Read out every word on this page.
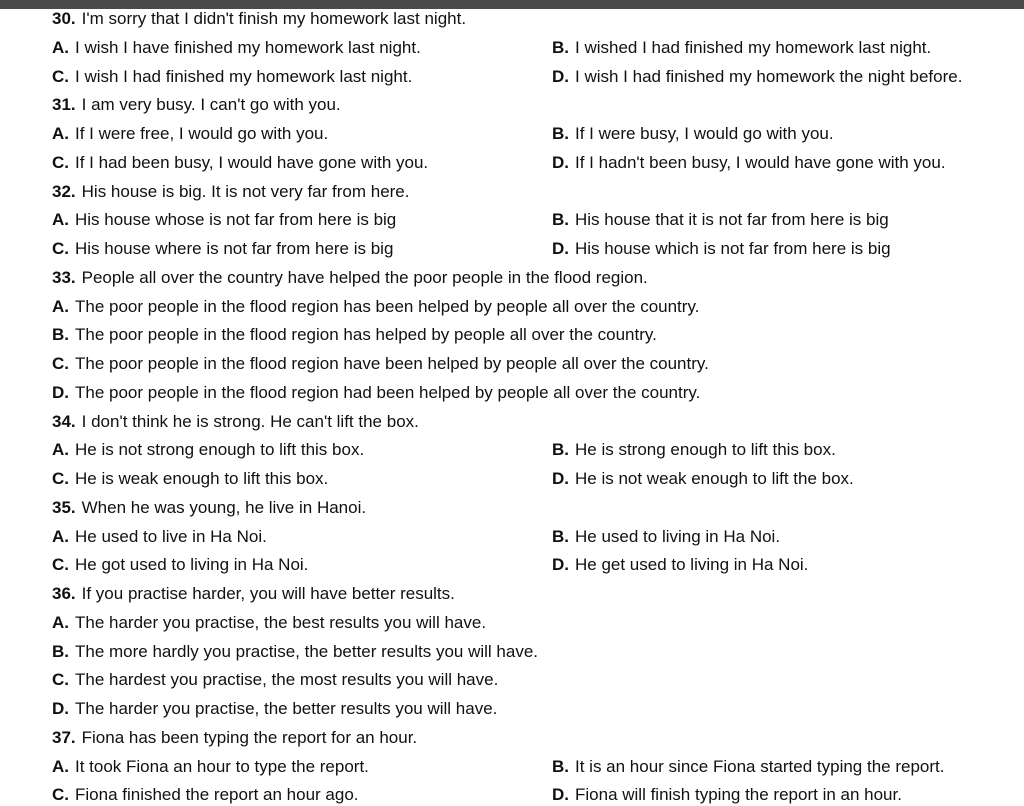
30. I'm sorry that I didn't finish my homework last night.
A. I wish I have finished my homework last night.	B. I wished I had finished my homework last night.
C. I wish I had finished my homework last night.	D. I wish I had finished my homework the night before.
31. I am very busy. I can't go with you.
A. If I were free, I would go with you.	B. If I were busy, I would go with you.
C. If I had been busy, I would have gone with you.	D. If I hadn't been busy, I would have gone with you.
32. His house is big. It is not very far from here.
A. His house whose is not far from here is big	B. His house that it is not far from here is big
C. His house where is not far from here is big	D. His house which is not far from here is big
33. People all over the country have helped the poor people in the flood region.
A. The poor people in the flood region has been helped by people all over the country.
B. The poor people in the flood region has helped by people all over the country.
C. The poor people in the flood region have been helped by people all over the country.
D. The poor people in the flood region had been helped by people all over the country.
34. I don't think he is strong. He can't lift the box.
A. He is not strong enough to lift this box.	B. He is strong enough to lift this box.
C. He is weak enough to lift this box.	D. He is not weak enough to lift the box.
35. When he was young, he live in Hanoi.
A. He used to live in Ha Noi.	B. He used to living in Ha Noi.
C. He got used to living in Ha Noi.	D. He get used to living in Ha Noi.
36. If you practise harder, you will have better results.
A. The harder you practise, the best results you will have.
B. The more hardly you practise, the better results you will have.
C. The hardest you practise, the most results you will have.
D. The harder you practise, the better results you will have.
37. Fiona has been typing the report for an hour.
A. It took Fiona an hour to type the report.	B. It is an hour since Fiona started typing the report.
C. Fiona finished the report an hour ago.	D. Fiona will finish typing the report in an hour.
